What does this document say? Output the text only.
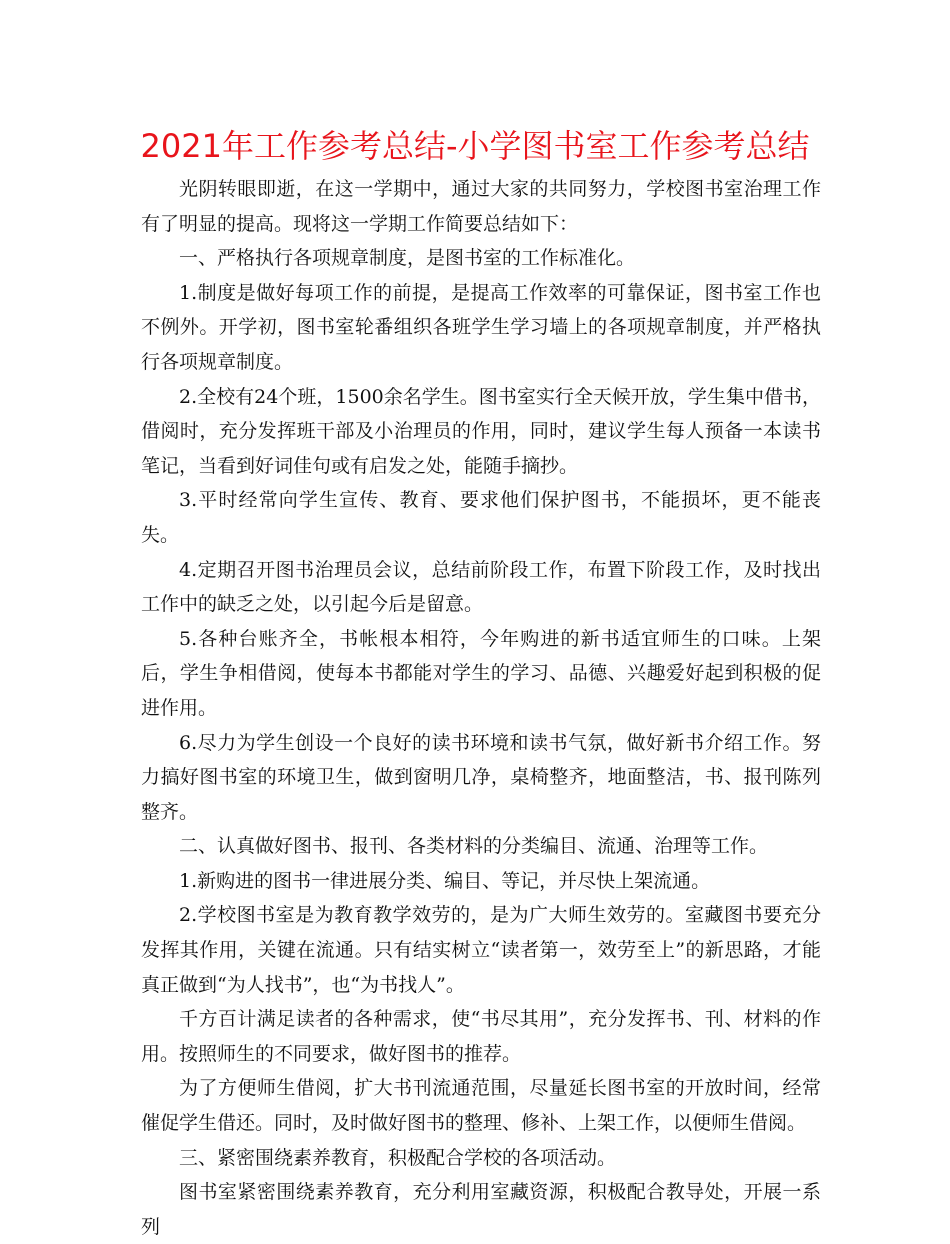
2021年工作参考总结-小学图书室工作参考总结

光阴转眼即逝，在这一学期中，通过大家的共同努力，学校图书室治理工作有了明显的提高。现将这一学期工作简要总结如下：

一、严格执行各项规章制度，是图书室的工作标准化。

1.制度是做好每项工作的前提，是提高工作效率的可靠保证，图书室工作也不例外。开学初，图书室轮番组织各班学生学习墙上的各项规章制度，并严格执行各项规章制度。

2.全校有24个班，1500余名学生。图书室实行全天候开放，学生集中借书，借阅时，充分发挥班干部及小治理员的作用，同时，建议学生每人预备一本读书笔记，当看到好词佳句或有启发之处，能随手摘抄。

3.平时经常向学生宣传、教育、要求他们保护图书，不能损坏，更不能丧失。

4.定期召开图书治理员会议，总结前阶段工作，布置下阶段工作，及时找出工作中的缺乏之处，以引起今后是留意。

5.各种台账齐全，书帐根本相符，今年购进的新书适宜师生的口味。上架后，学生争相借阅，使每本书都能对学生的学习、品德、兴趣爱好起到积极的促进作用。

6.尽力为学生创设一个良好的读书环境和读书气氛，做好新书介绍工作。努力搞好图书室的环境卫生，做到窗明几净，桌椅整齐，地面整洁，书、报刊陈列整齐。

二、认真做好图书、报刊、各类材料的分类编目、流通、治理等工作。

1.新购进的图书一律进展分类、编目、等记，并尽快上架流通。

2.学校图书室是为教育教学效劳的，是为广大师生效劳的。室藏图书要充分发挥其作用，关键在流通。只有结实树立“读者第一，效劳至上”的新思路，才能真正做到“为人找书”，也“为书找人”。

千方百计满足读者的各种需求，使“书尽其用”，充分发挥书、刊、材料的作用。按照师生的不同要求，做好图书的推荐。

为了方便师生借阅，扩大书刊流通范围，尽量延长图书室的开放时间，经常催促学生借还。同时，及时做好图书的整理、修补、上架工作，以便师生借阅。

三、紧密围绕素养教育，积极配合学校的各项活动。

图书室紧密围绕素养教育，充分利用室藏资源，积极配合教导处，开展一系列
